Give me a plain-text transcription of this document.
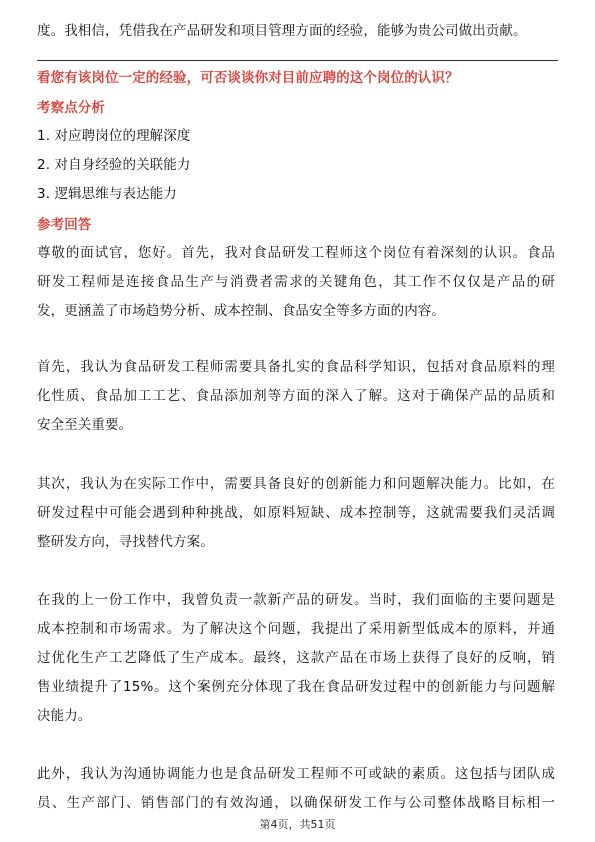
度。我相信，凭借我在产品研发和项目管理方面的经验，能够为贵公司做出贡献。
看您有该岗位一定的经验，可否谈谈你对目前应聘的这个岗位的认识？
考察点分析
1. 对应聘岗位的理解深度
2. 对自身经验的关联能力
3. 逻辑思维与表达能力
参考回答
尊敬的面试官，您好。首先，我对食品研发工程师这个岗位有着深刻的认识。食品
研发工程师是连接食品生产与消费者需求的关键角色，其工作不仅仅是产品的研
发，更涵盖了市场趋势分析、成本控制、食品安全等多方面的内容。
首先，我认为食品研发工程师需要具备扎实的食品科学知识，包括对食品原料的理
化性质、食品加工工艺、食品添加剂等方面的深入了解。这对于确保产品的品质和
安全至关重要。
其次，我认为在实际工作中，需要具备良好的创新能力和问题解决能力。比如，在
研发过程中可能会遇到种种挑战，如原料短缺、成本控制等，这就需要我们灵活调
整研发方向，寻找替代方案。
在我的上一份工作中，我曾负责一款新产品的研发。当时，我们面临的主要问题是
成本控制和市场需求。为了解决这个问题，我提出了采用新型低成本的原料，并通
过优化生产工艺降低了生产成本。最终，这款产品在市场上获得了良好的反响，销
售业绩提升了15%。这个案例充分体现了我在食品研发过程中的创新能力与问题解
决能力。
此外，我认为沟通协调能力也是食品研发工程师不可或缺的素质。这包括与团队成
员、生产部门、销售部门的有效沟通，以确保研发工作与公司整体战略目标相一
第4页，共51页
